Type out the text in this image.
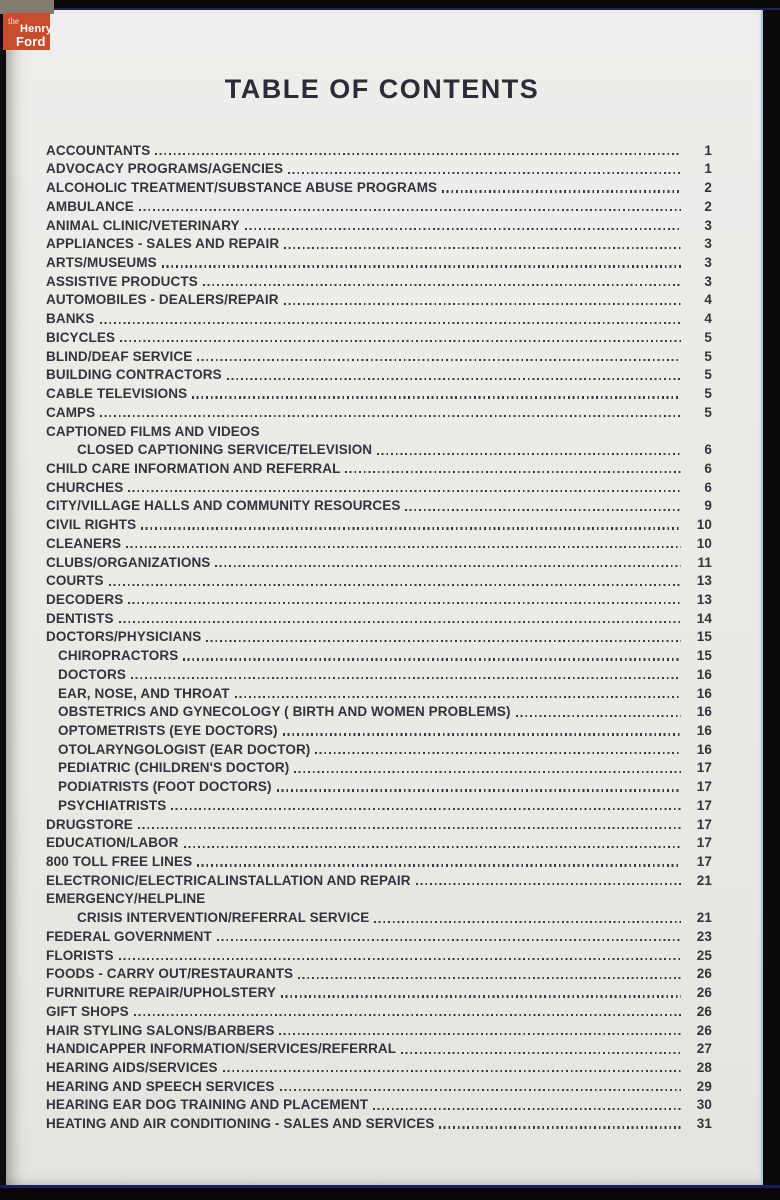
the
Henry
Ford
TABLE OF CONTENTS
ACCOUNTANTS	1
ADVOCACY PROGRAMS/AGENCIES	1
ALCOHOLIC TREATMENT/SUBSTANCE ABUSE PROGRAMS	2
AMBULANCE	2
ANIMAL CLINIC/VETERINARY	3
APPLIANCES - SALES AND REPAIR	3
ARTS/MUSEUMS	3
ASSISTIVE PRODUCTS	3
AUTOMOBILES - DEALERS/REPAIR	4
BANKS	4
BICYCLES	5
BLIND/DEAF SERVICE	5
BUILDING CONTRACTORS	5
CABLE TELEVISIONS	5
CAMPS	5
CAPTIONED FILMS AND VIDEOS
CLOSED CAPTIONING SERVICE/TELEVISION	6
CHILD CARE INFORMATION AND REFERRAL	6
CHURCHES	6
CITY/VILLAGE HALLS AND COMMUNITY RESOURCES	9
CIVIL RIGHTS	10
CLEANERS	10
CLUBS/ORGANIZATIONS	11
COURTS	13
DECODERS	13
DENTISTS	14
DOCTORS/PHYSICIANS	15
CHIROPRACTORS	15
DOCTORS	16
EAR, NOSE, AND THROAT	16
OBSTETRICS AND GYNECOLOGY ( BIRTH AND WOMEN PROBLEMS)	16
OPTOMETRISTS (EYE DOCTORS)	16
OTOLARYNGOLOGIST (EAR DOCTOR)	16
PEDIATRIC (CHILDREN'S DOCTOR)	17
PODIATRISTS (FOOT DOCTORS)	17
PSYCHIATRISTS	17
DRUGSTORE	17
EDUCATION/LABOR	17
800 TOLL FREE LINES	17
ELECTRONIC/ELECTRICALINSTALLATION AND REPAIR	21
EMERGENCY/HELPLINE
CRISIS INTERVENTION/REFERRAL SERVICE	21
FEDERAL GOVERNMENT	23
FLORISTS	25
FOODS - CARRY OUT/RESTAURANTS	26
FURNITURE REPAIR/UPHOLSTERY	26
GIFT SHOPS	26
HAIR STYLING SALONS/BARBERS	26
HANDICAPPER INFORMATION/SERVICES/REFERRAL	27
HEARING AIDS/SERVICES	28
HEARING AND SPEECH SERVICES	29
HEARING EAR DOG TRAINING AND PLACEMENT	30
HEATING AND AIR CONDITIONING - SALES AND SERVICES	31
